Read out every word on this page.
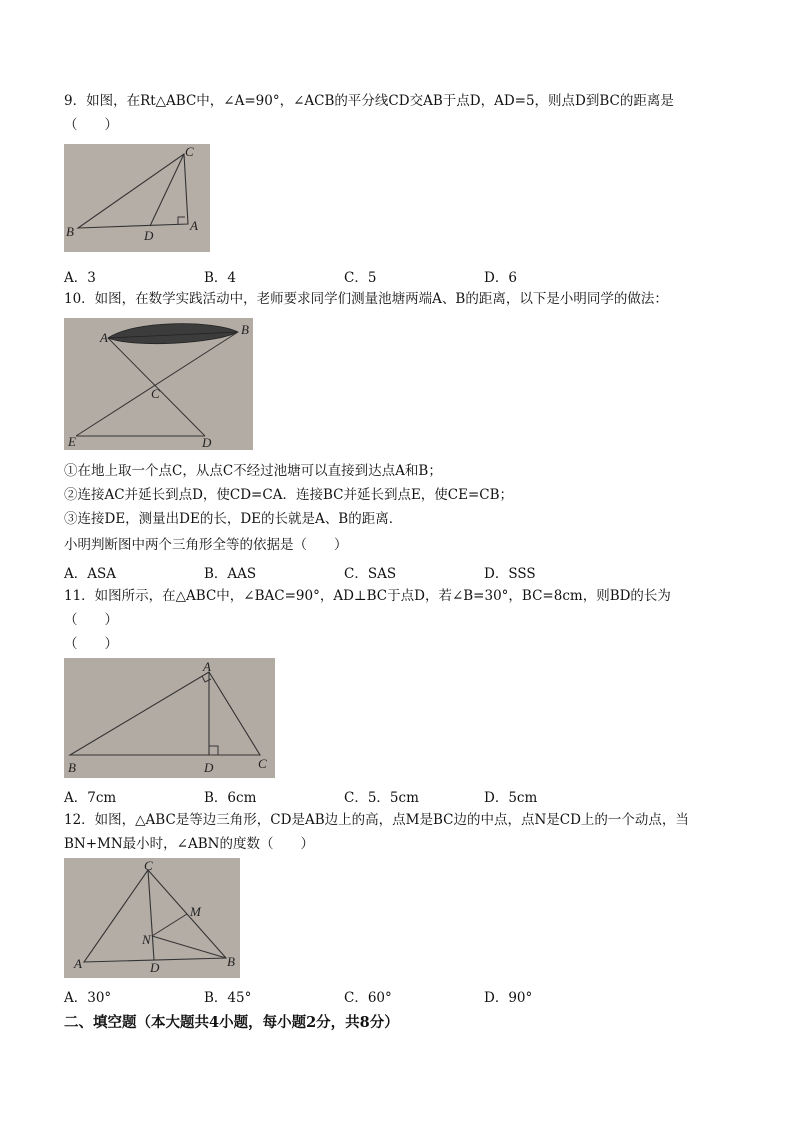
9．如图，在Rt△ABC中，∠A=90°，∠ACB的平分线CD交AB于点D，AD=5，则点D到BC的距离是
（　　）
B
C
A
D
A．3	B．4	C．5	D．6
10．如图，在数学实践活动中，老师要求同学们测量池塘两端A、B的距离，以下是小明同学的做法：
A
B
C
E	D
①在地上取一个点C，从点C不经过池塘可以直接到达点A和B；
②连接AC并延长到点D，使CD=CA．连接BC并延长到点E，使CE=CB；
③连接DE，测量出DE的长，DE的长就是A、B的距离．
小明判断图中两个三角形全等的依据是（　　）
A．ASA	B．AAS	C．SAS	D．SSS
11．如图所示，在△ABC中，∠BAC=90°，AD⊥BC于点D，若∠B=30°，BC=8cm，则BD的长为
（　　）
（　　）
A
B	D	C
A．7cm	B．6cm	C．5．5cm	D．5cm
12．如图，△ABC是等边三角形，CD是AB边上的高，点M是BC边的中点，点N是CD上的一个动点，当
BN+MN最小时，∠ABN的度数（　　）
C
M
N
A	D	B
A．30°	B．45°	C．60°	D．90°
二、填空题（本大题共4小题，每小题2分，共8分）
